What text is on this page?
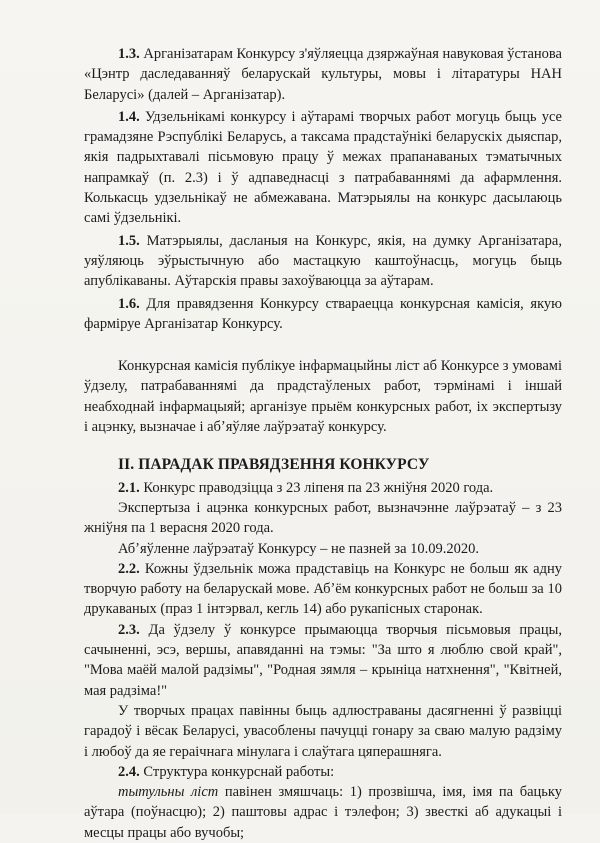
1.3. Арганізатарам Конкурсу з'яўляецца дзяржаўная навуковая ўстанова «Цэнтр даследаванняў беларускай культуры, мовы і літаратуры НАН Беларусі» (далей – Арганізатар).

1.4. Удзельнікамі конкурсу і аўтарамі творчых работ могуць быць усе грамадзяне Рэспублікі Беларусь, а таксама прадстаўнікі беларускіх дыяспар, якія падрыхтавалі пісьмовую працу ў межах прапанаваных тэматычных напрамкаў (п. 2.3) і ў адпаведнасці з патрабаваннямі да афармлення. Колькасць удзельнікаў не абмежавана. Матэрыялы на конкурс дасылаюць самі ўдзельнікі.

1.5. Матэрыялы, дасланыя на Конкурс, якія, на думку Арганізатара, уяўляюць эўрыстычную або мастацкую каштоўнасць, могуць быць апублікаваны. Аўтарскія правы захоўваюцца за аўтарам.

1.6. Для правядзення Конкурсу ствараецца конкурсная камісія, якую фарміруе Арганізатар Конкурсу.

Конкурсная камісія публікуе інфармацыйны ліст аб Конкурсе з умовамі ўдзелу, патрабаваннямі да прадстаўленых работ, тэрмінамі і іншай неабходнай інфармацыяй; арганізуе прыём конкурсных работ, іх экспертызу і ацэнку, вызначае і абʼяўляе лаўрэатаў конкурсу.

II. ПАРАДАК ПРАВЯДЗЕННЯ КОНКУРСУ

2.1. Конкурс праводзіцца з 23 ліпеня па 23 жніўня 2020 года.

Экспертыза і ацэнка конкурсных работ, вызначэнне лаўрэатаў – з 23 жніўня па 1 верасня 2020 года.

Абʼяўленне лаўрэатаў Конкурсу – не пазней за 10.09.2020.

2.2. Кожны ўдзельнік можа прадставіць на Конкурс не больш як адну творчую работу на беларускай мове. Абʼём конкурсных работ не больш за 10 друкаваных (праз 1 інтэрвал, кегль 14) або рукапісных старонак.

2.3. Да ўдзелу ў конкурсе прымаюцца творчыя пісьмовыя працы, сачыненні, эсэ, вершы, апавяданні на тэмы: "За што я люблю свой край", "Мова маёй малой радзімы", "Родная зямля – крыніца натхнення", "Квітней, мая радзіма!"

У творчых працах павінны быць адлюстраваны дасягненні ў развіцці гарадоў і вёсак Беларусі, увасоблены пачуцці гонару за сваю малую радзіму і любоў да яе гераічнага мінулага і слаўтага цяперашняга.

2.4. Структура конкурснай работы:

тытульны ліст павінен змяшчаць: 1) прозвішча, імя, імя па бацьку аўтара (поўнасцю); 2) паштовы адрас і тэлефон; 3) звесткі аб адукацыі і месцы працы або вучобы;
